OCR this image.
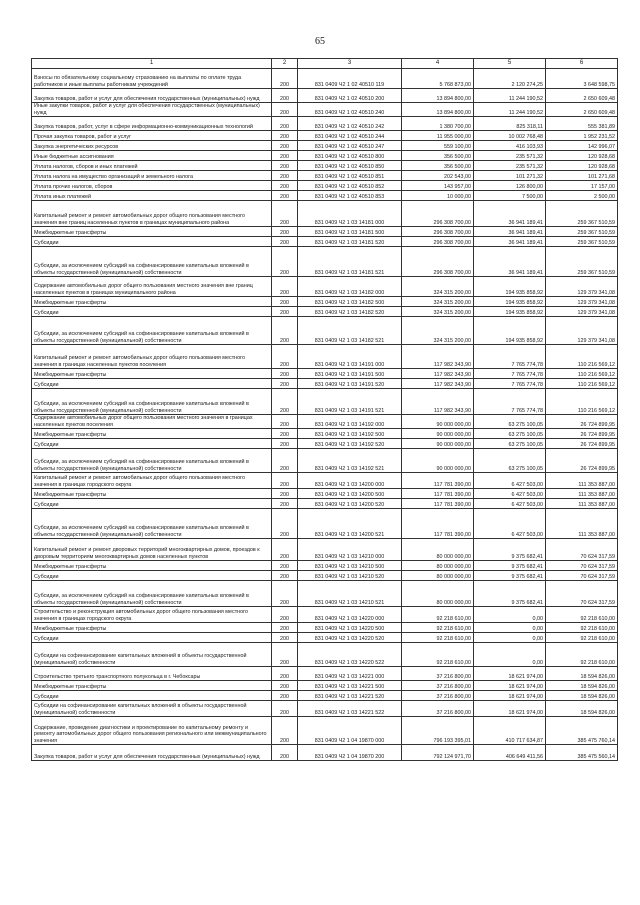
65
1	2	3	4	5	6
Взносы по обязательному социальному страхованию на выплаты по оплате труда работников и иные выплаты работникам учреждений	200	831 0409 Ч2 1 02 40510 119	5 768 873,00	2 120 274,25	3 648 598,75
Закупка товаров, работ и услуг для обеспечения государственных (муниципальных) нужд	200	831 0409 Ч2 1 02 40510 200	13 894 800,00	11 244 190,52	2 650 609,48
Иные закупки товаров, работ и услуг для обеспечения государственных (муниципальных) нужд	200	831 0409 Ч2 1 02 40510 240	13 894 800,00	11 244 190,52	2 650 609,48
Закупка товаров, работ, услуг в сфере информационно-коммуникационных технологий	200	831 0409 Ч2 1 02 40510 242	1 380 700,00	825 318,11	555 381,89
Прочая закупка товаров, работ и услуг	200	831 0409 Ч2 1 02 40510 244	11 955 000,00	10 002 768,48	1 952 231,52
Закупка энергетических ресурсов	200	831 0409 Ч2 1 02 40510 247	559 100,00	416 103,93	142 996,07
Иные бюджетные ассигнования	200	831 0409 Ч2 1 02 40510 800	356 500,00	235 571,32	120 928,68
Уплата налогов, сборов и иных платежей	200	831 0409 Ч2 1 02 40510 850	356 500,00	235 571,32	120 928,68
Уплата налога на имущество организаций и земельного налога	200	831 0409 Ч2 1 02 40510 851	202 543,00	101 271,32	101 271,68
Уплата прочих налогов, сборов	200	831 0409 Ч2 1 02 40510 852	143 957,00	126 800,00	17 157,00
Уплата иных платежей	200	831 0409 Ч2 1 02 40510 853	10 000,00	7 500,00	2 500,00
Капитальный ремонт и ремонт автомобильных дорог общего пользования местного значения вне границ населенных пунктов в границах муниципального района	200	831 0409 Ч2 1 03 14181 000	296 308 700,00	36 941 189,41	259 367 510,59
Межбюджетные трансферты	200	831 0409 Ч2 1 03 14181 500	296 308 700,00	36 941 189,41	259 367 510,59
Субсидии	200	831 0409 Ч2 1 03 14181 520	296 308 700,00	36 941 189,41	259 367 510,59
Субсидии, за исключением субсидий на софинансирование капитальных вложений в объекты государственной (муниципальной) собственности	200	831 0409 Ч2 1 03 14181 521	296 308 700,00	36 941 189,41	259 367 510,59
Содержание автомобильных дорог общего пользования местного значения вне границ населенных пунктов в границах муниципального района	200	831 0409 Ч2 1 03 14182 000	324 315 200,00	194 935 858,92	129 379 341,08
Межбюджетные трансферты	200	831 0409 Ч2 1 03 14182 500	324 315 200,00	194 935 858,92	129 379 341,08
Субсидии	200	831 0409 Ч2 1 03 14182 520	324 315 200,00	194 935 858,92	129 379 341,08
Субсидии, за исключением субсидий на софинансирование капитальных вложений в объекты государственной (муниципальной) собственности	200	831 0409 Ч2 1 03 14182 521	324 315 200,00	194 935 858,92	129 379 341,08
Капитальный ремонт и ремонт автомобильных дорог общего пользования местного значения в границах населенных пунктов поселения	200	831 0409 Ч2 1 03 14191 000	117 982 343,90	7 765 774,78	110 216 569,12
Межбюджетные трансферты	200	831 0409 Ч2 1 03 14191 500	117 982 343,90	7 765 774,78	110 216 569,12
Субсидии	200	831 0409 Ч2 1 03 14191 520	117 982 343,90	7 765 774,78	110 216 569,12
Субсидии, за исключением субсидий на софинансирование капитальных вложений в объекты государственной (муниципальной) собственности	200	831 0409 Ч2 1 03 14191 521	117 982 343,90	7 765 774,78	110 216 569,12
Содержание автомобильных дорог общего пользования местного значения в границах населенных пунктов поселения	200	831 0409 Ч2 1 03 14192 000	90 000 000,00	63 275 100,05	26 724 899,95
Межбюджетные трансферты	200	831 0409 Ч2 1 03 14192 500	90 000 000,00	63 275 100,05	26 724 899,95
Субсидии	200	831 0409 Ч2 1 03 14192 520	90 000 000,00	63 275 100,05	26 724 899,95
Субсидии, за исключением субсидий на софинансирование капитальных вложений в объекты государственной (муниципальной) собственности	200	831 0409 Ч2 1 03 14192 521	90 000 000,00	63 275 100,05	26 724 899,95
Капитальный ремонт и ремонт автомобильных дорог общего пользования местного значения в границах городского округа	200	831 0409 Ч2 1 03 14200 000	117 781 390,00	6 427 503,00	111 353 887,00
Межбюджетные трансферты	200	831 0409 Ч2 1 03 14200 500	117 781 390,00	6 427 503,00	111 353 887,00
Субсидии	200	831 0409 Ч2 1 03 14200 520	117 781 390,00	6 427 503,00	111 353 887,00
Субсидии, за исключением субсидий на софинансирование капитальных вложений в объекты государственной (муниципальной) собственности	200	831 0409 Ч2 1 03 14200 521	117 781 390,00	6 427 503,00	111 353 887,00
Капитальный ремонт и ремонт дворовых территорий многоквартирных домов, проездов к дворовым территориям многоквартирных домов населенных пунктов	200	831 0409 Ч2 1 03 14210 000	80 000 000,00	9 375 682,41	70 624 317,59
Межбюджетные трансферты	200	831 0409 Ч2 1 03 14210 500	80 000 000,00	9 375 682,41	70 624 317,59
Субсидии	200	831 0409 Ч2 1 03 14210 520	80 000 000,00	9 375 682,41	70 624 317,59
Субсидии, за исключением субсидий на софинансирование капитальных вложений в объекты государственной (муниципальной) собственности	200	831 0409 Ч2 1 03 14210 521	80 000 000,00	9 375 682,41	70 624 317,59
Строительство и реконструкция автомобильных дорог общего пользования местного значения в границах городского округа	200	831 0409 Ч2 1 03 14220 000	92 218 610,00	0,00	92 218 610,00
Межбюджетные трансферты	200	831 0409 Ч2 1 03 14220 500	92 218 610,00	0,00	92 218 610,00
Субсидии	200	831 0409 Ч2 1 03 14220 520	92 218 610,00	0,00	92 218 610,00
Субсидии на софинансирование капитальных вложений в объекты государственной (муниципальной) собственности	200	831 0409 Ч2 1 03 14220 522	92 218 610,00	0,00	92 218 610,00
Строительство третьего транспортного полукольца в г. Чебоксары	200	831 0409 Ч2 1 03 14221 000	37 216 800,00	18 621 974,00	18 594 826,00
Межбюджетные трансферты	200	831 0409 Ч2 1 03 14221 500	37 216 800,00	18 621 974,00	18 594 826,00
Субсидии	200	831 0409 Ч2 1 03 14221 520	37 216 800,00	18 621 974,00	18 594 826,00
Субсидии на софинансирование капитальных вложений в объекты государственной (муниципальной) собственности	200	831 0409 Ч2 1 03 14221 522	37 216 800,00	18 621 974,00	18 594 826,00
Содержание, проведение диагностики и проектирование по капитальному ремонту и ремонту автомобильных дорог общего пользования регионального или межмуниципального значения	200	831 0409 Ч2 1 04 19870 000	796 193 395,01	410 717 634,87	385 475 760,14
Закупка товаров, работ и услуг для обеспечения государственных (муниципальных) нужд	200	831 0409 Ч2 1 04 19870 200	792 124 971,70	406 649 411,56	385 475 560,14
